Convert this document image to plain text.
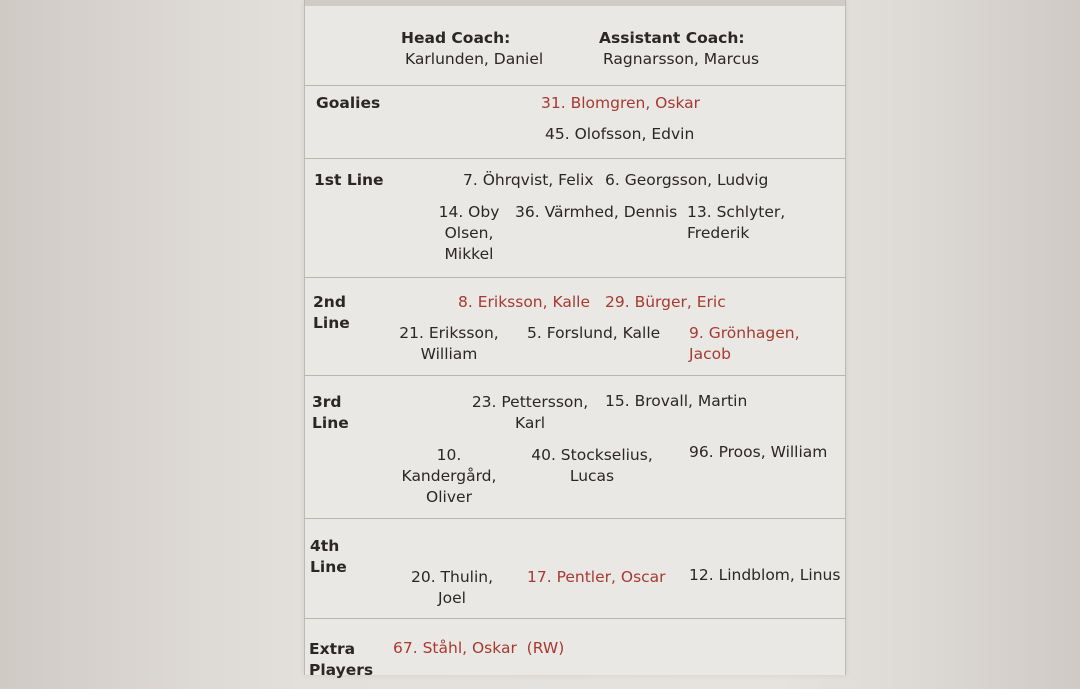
Head Coach:
Karlunden, Daniel
Assistant Coach:
Ragnarsson, Marcus
Goalies	31. Blomgren, Oskar
45. Olofsson, Edvin
1st Line	7. Öhrqvist, Felix 6. Georgsson, Ludvig
14. Oby Olsen, Mikkel
36. Värmhed, Dennis 13. Schlyter, Frederik
2nd Line
8. Eriksson, Kalle 29. Bürger, Eric
21. Eriksson, William
5. Forslund, Kalle 9. Grönhagen, Jacob
3rd Line
23. Pettersson, Karl
15. Brovall, Martin
10. Kandergård, Oliver
40. Stockselius, Lucas
96. Proos, William
4th Line
20. Thulin, Joel
17. Pentler, Oscar 12. Lindblom, Linus
Extra Players
67. Ståhl, Oskar  (RW)
